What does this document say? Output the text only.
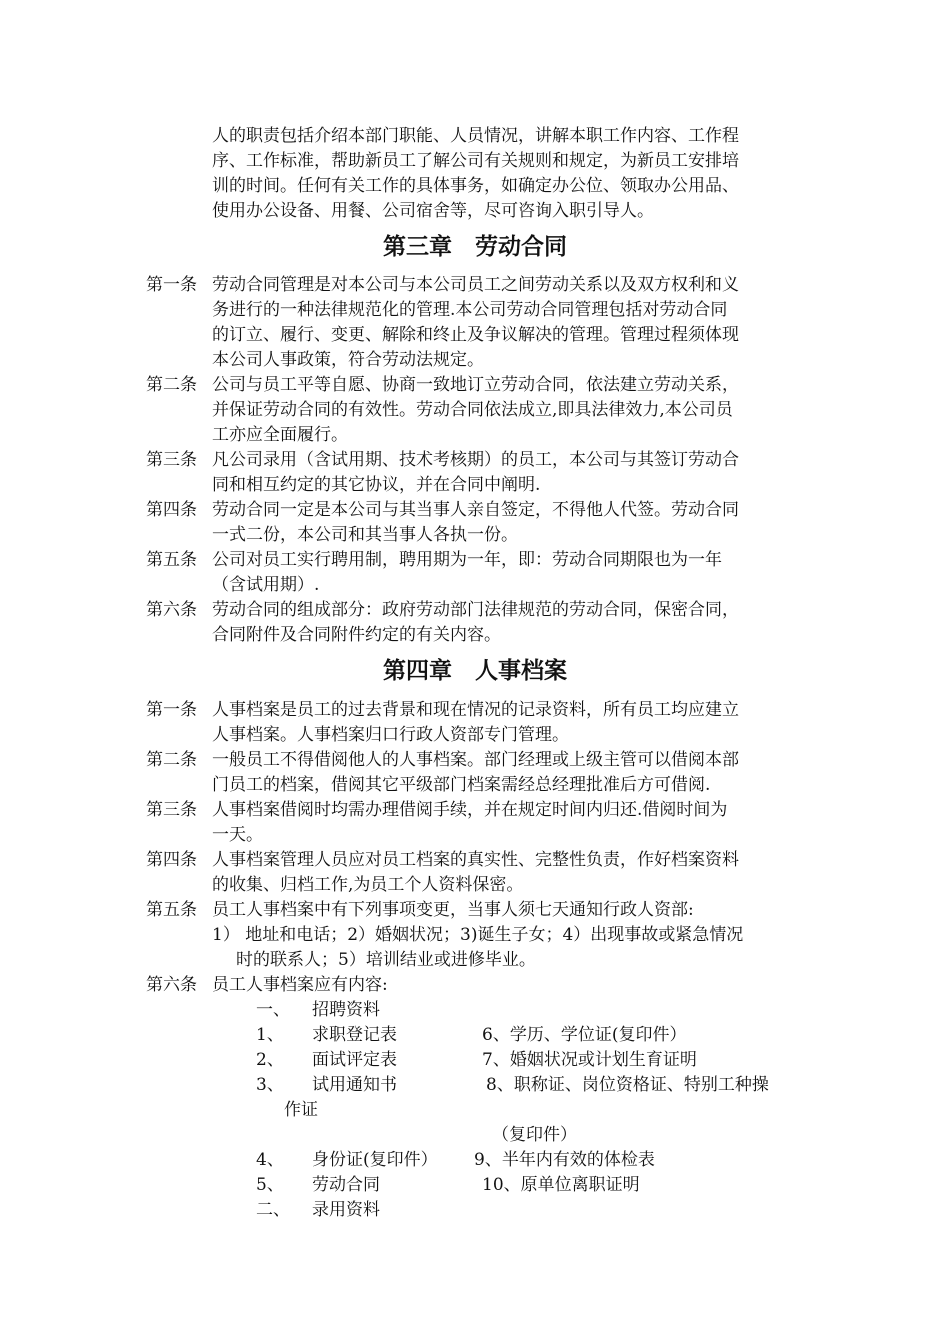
人的职责包括介绍本部门职能、人员情况，讲解本职工作内容、工作程
序、工作标准，帮助新员工了解公司有关规则和规定，为新员工安排培
训的时间。任何有关工作的具体事务，如确定办公位、领取办公用品、
使用办公设备、用餐、公司宿舍等，尽可咨询入职引导人。
第三章　劳动合同
第一条 劳动合同管理是对本公司与本公司员工之间劳动关系以及双方权利和义
务进行的一种法律规范化的管理.本公司劳动合同管理包括对劳动合同
的订立、履行、变更、解除和终止及争议解决的管理。管理过程须体现
本公司人事政策，符合劳动法规定。
第二条 公司与员工平等自愿、协商一致地订立劳动合同，依法建立劳动关系，
并保证劳动合同的有效性。劳动合同依法成立,即具法律效力,本公司员
工亦应全面履行。
第三条 凡公司录用（含试用期、技术考核期）的员工，本公司与其签订劳动合
同和相互约定的其它协议，并在合同中阐明.
第四条 劳动合同一定是本公司与其当事人亲自签定，不得他人代签。劳动合同
一式二份，本公司和其当事人各执一份。
第五条 公司对员工实行聘用制，聘用期为一年，即：劳动合同期限也为一年
（含试用期）.
第六条 劳动合同的组成部分：政府劳动部门法律规范的劳动合同，保密合同，
合同附件及合同附件约定的有关内容。
第四章　人事档案
第一条 人事档案是员工的过去背景和现在情况的记录资料，所有员工均应建立
人事档案。人事档案归口行政人资部专门管理。
第二条 一般员工不得借阅他人的人事档案。部门经理或上级主管可以借阅本部
门员工的档案，借阅其它平级部门档案需经总经理批准后方可借阅.
第三条 人事档案借阅时均需办理借阅手续，并在规定时间内归还.借阅时间为
一天。
第四条 人事档案管理人员应对员工档案的真实性、完整性负责，作好档案资料
的收集、归档工作,为员工个人资料保密。
第五条 员工人事档案中有下列事项变更，当事人须七天通知行政人资部:
1） 地址和电话；2）婚姻状况；3)诞生子女；4）出现事故或紧急情况
时的联系人；5）培训结业或进修毕业。
第六条 员工人事档案应有内容:
一、 招聘资料
1、 求职登记表	6、学历、学位证(复印件）
2、 面试评定表	7、婚姻状况或计划生育证明
3、 试用通知书	8、职称证、岗位资格证、特别工种操
作证
（复印件）
4、 身份证(复印件） 9、半年内有效的体检表
5、 劳动合同	10、原单位离职证明
二、 录用资料
